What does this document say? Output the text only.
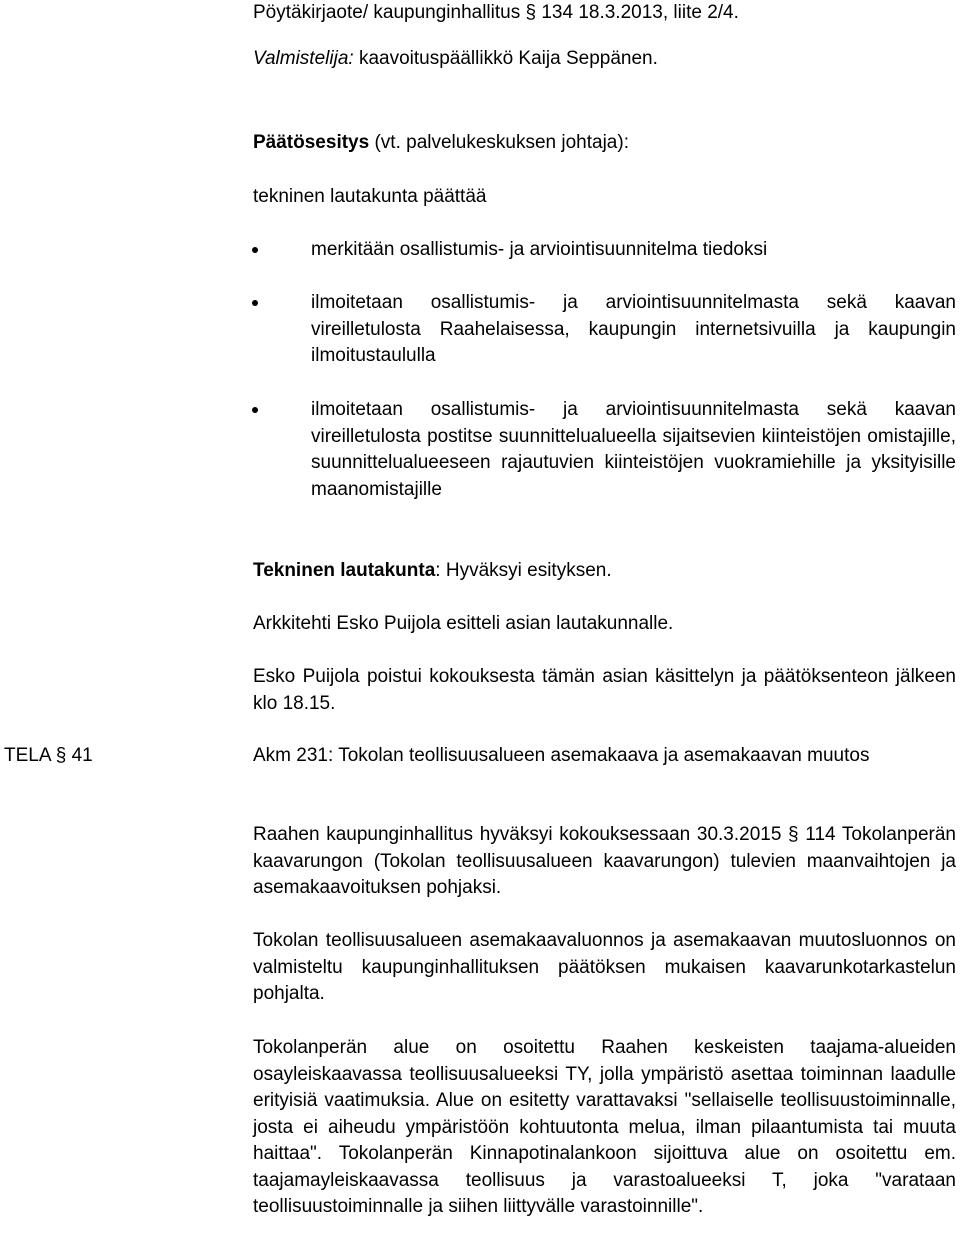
Pöytäkirjaote/ kaupunginhallitus § 134 18.3.2013, liite 2/4.

Valmistelija: kaavoituspäällikkö Kaija Seppänen.

Päätösesitys (vt. palvelukeskuksen johtaja):

tekninen lautakunta päättää

merkitään osallistumis- ja arviointisuunnitelma tiedoksi

ilmoitetaan osallistumis- ja arviointisuunnitelmasta sekä kaavan vireilletulosta Raahelaisessa, kaupungin internetsivuilla ja kaupungin ilmoitustaululla

ilmoitetaan osallistumis- ja arviointisuunnitelmasta sekä kaavan vireilletulosta postitse suunnittelualueella sijaitsevien kiinteistöjen omistajille, suunnittelualueeseen rajautuvien kiinteistöjen vuokramiehille ja yksityisille maanomistajille

Tekninen lautakunta: Hyväksyi esityksen.

Arkkitehti Esko Puijola esitteli asian lautakunnalle.

Esko Puijola poistui kokouksesta tämän asian käsittelyn ja päätöksenteon jälkeen klo 18.15.

TELA § 41	Akm 231: Tokolan teollisuusalueen asemakaava ja asemakaavan muutos

Raahen kaupunginhallitus hyväksyi kokouksessaan 30.3.2015 § 114 Tokolanperän kaavarungon (Tokolan teollisuusalueen kaavarungon) tulevien maanvaihtojen ja asemakaavoituksen pohjaksi.

Tokolan teollisuusalueen asemakaavaluonnos ja asemakaavan muutosluonnos on valmisteltu kaupunginhallituksen päätöksen mukaisen kaavarunkotarkastelun pohjalta.

Tokolanperän alue on osoitettu Raahen keskeisten taajama-alueiden osayleiskaavassa teollisuusalueeksi TY, jolla ympäristö asettaa toiminnan laadulle erityisiä vaatimuksia. Alue on esitetty varattavaksi "sellaiselle teollisuustoiminnalle, josta ei aiheudu ympäristöön kohtuutonta melua, ilman pilaantumista tai muuta haittaa". Tokolanperän Kinnapotinalankoon sijoittuva alue on osoitettu em. taajamayleiskaavassa teollisuus ja varastoalueeksi T, joka "varataan teollisuustoiminnalle ja siihen liittyvälle varastoinnille".
